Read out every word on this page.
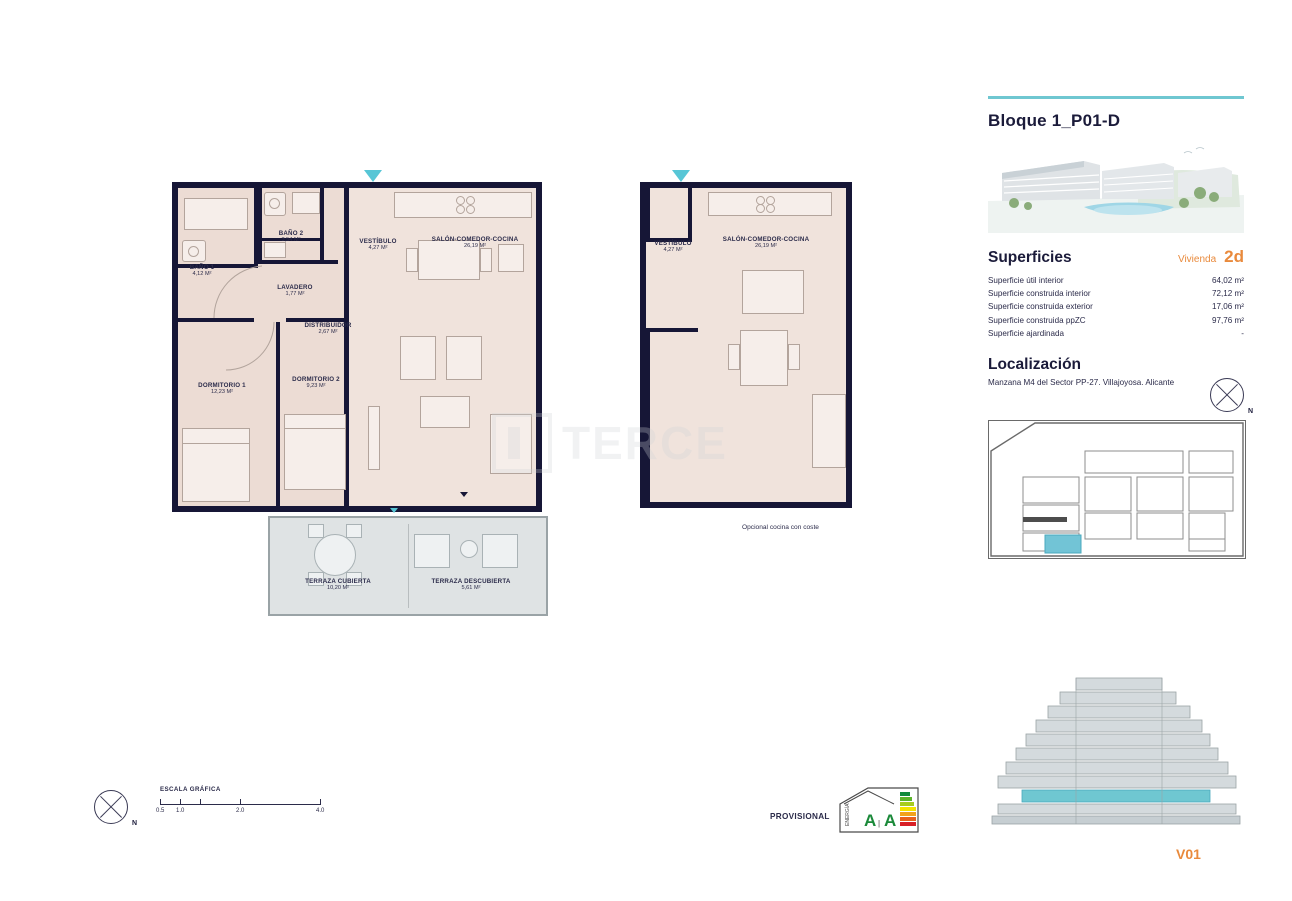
BAÑO 2
3,54 M²
BAÑO 1
4,12 M²
LAVADERO
1,77 M²
VESTÍBULO
4,27 M²
SALÓN-COMEDOR-COCINA
26,19 M²
DISTRIBUIDOR
2,67 M²
DORMITORIO 1
12,23 M²
DORMITORIO 2
9,23 M²
TERRAZA CUBIERTA
10,20 M²
TERRAZA DESCUBIERTA
5,61 M²
VESTÍBULO
4,27 M²
SALÓN-COMEDOR-COCINA
26,19 M²
Opcional cocina con coste
TERCE
Bloque 1_P01-D
Superficies	Vivienda 2d
Superficie útil interior	64,02 m²
Superficie construida interior	72,12 m²
Superficie construida exterior	17,06 m²
Superficie construida ppZC	97,76 m²
Superficie ajardinada	-
Localización
Manzana M4 del Sector PP-27. Villajoyosa. Alicante
N
V01
N
ESCALA GRÁFICA
0.5 1.0	2.0	4.0
PROVISIONAL	ENERGÍA A | A
